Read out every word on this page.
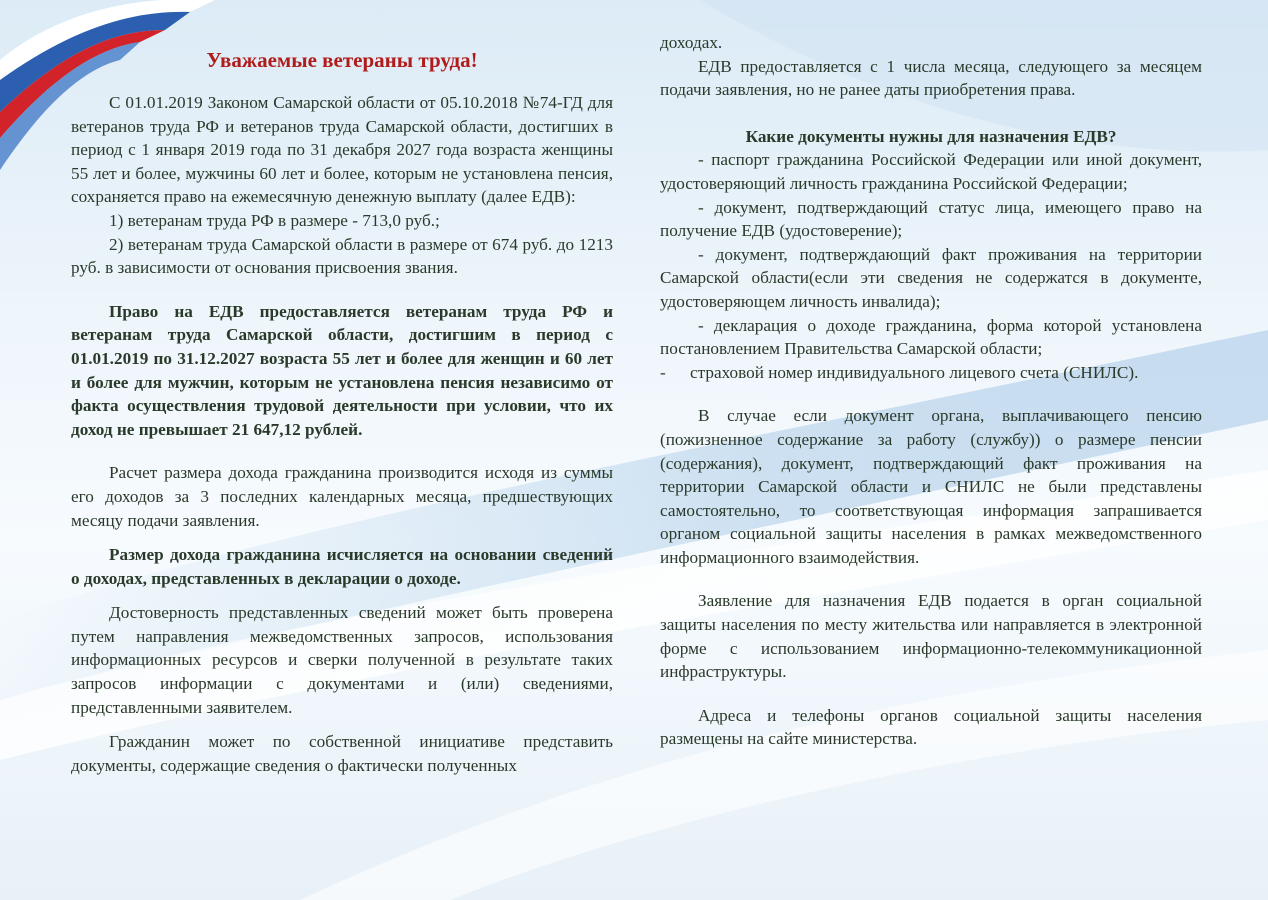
Уважаемые ветераны труда!

С 01.01.2019 Законом Самарской области от 05.10.2018 №74-ГД для ветеранов труда РФ и ветеранов труда Самарской области, достигших в период с 1 января 2019 года по 31 декабря 2027 года возраста женщины 55 лет и более, мужчины 60 лет и более, которым не установлена пенсия, сохраняется право на ежемесячную денежную выплату (далее ЕДВ):

1) ветеранам труда РФ в размере - 713,0 руб.;

2) ветеранам труда Самарской области в размере от 674 руб. до 1213 руб. в зависимости от основания присвоения звания.

Право на ЕДВ предоставляется ветеранам труда РФ и ветеранам труда Самарской области, достигшим в период с 01.01.2019 по 31.12.2027 возраста 55 лет и более для женщин и 60 лет и более для мужчин, которым не установлена пенсия независимо от факта осуществления трудовой деятельности при условии, что их доход не превышает 21 647,12 рублей.

Расчет размера дохода гражданина производится исходя из суммы его доходов за 3 последних календарных месяца, предшествующих месяцу подачи заявления.

Размер дохода гражданина исчисляется на основании сведений о доходах, представленных в декларации о доходе.

Достоверность представленных сведений может быть проверена путем направления межведомственных запросов, использования информационных ресурсов и сверки полученной в результате таких запросов информации с документами и (или) сведениями, представленными заявителем.

Гражданин может по собственной инициативе представить документы, содержащие сведения о фактически полученных

доходах.

ЕДВ предоставляется с 1 числа месяца, следующего за месяцем подачи заявления, но не ранее даты приобретения права.

Какие документы нужны для назначения ЕДВ?

- паспорт гражданина Российской Федерации или иной документ, удостоверяющий личность гражданина Российской Федерации;

- документ, подтверждающий статус лица, имеющего право на получение ЕДВ (удостоверение);

- документ, подтверждающий факт проживания на территории Самарской области(если эти сведения не содержатся в документе, удостоверяющем личность инвалида);

- декларация о доходе гражданина, форма которой установлена постановлением Правительства Самарской области;

-	страховой номер индивидуального лицевого счета (СНИЛС).

В случае если документ органа, выплачивающего пенсию (пожизненное содержание за работу (службу)) о размере пенсии (содержания), документ, подтверждающий факт проживания на территории Самарской области и СНИЛС не были представлены самостоятельно, то соответствующая информация запрашивается органом социальной защиты населения в рамках межведомственного информационного взаимодействия.

Заявление для назначения ЕДВ подается в орган социальной защиты населения по месту жительства или направляется в электронной форме с использованием информационно-телекоммуникационной инфраструктуры.

Адреса и телефоны органов социальной защиты населения размещены на сайте министерства.
